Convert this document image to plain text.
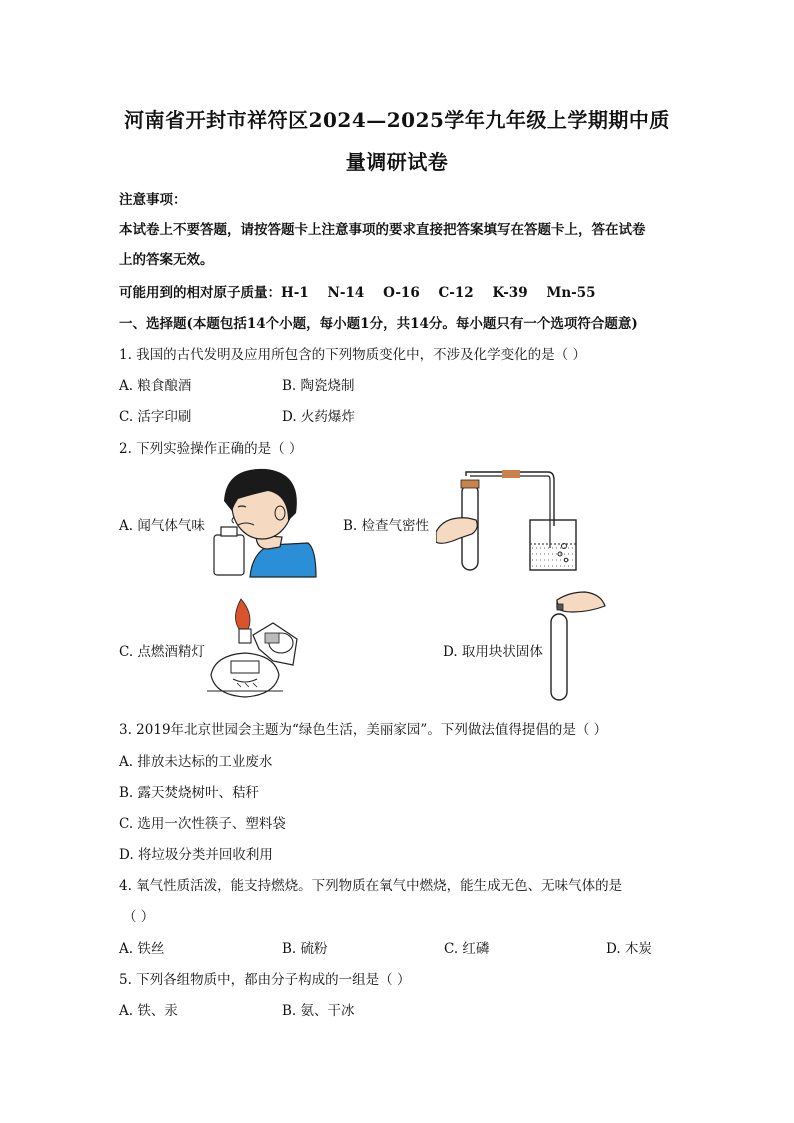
河南省开封市祥符区2024—2025学年九年级上学期期中质
量调研试卷
注意事项：
本试卷上不要答题，请按答题卡上注意事项的要求直接把答案填写在答题卡上，答在试卷
上的答案无效。
可能用到的相对原子质量：H-1    N-14    O-16    C-12    K-39    Mn-55
一、选择题(本题包括14个小题，每小题1分，共14分。每小题只有一个选项符合题意)
1. 我国的古代发明及应用所包含的下列物质变化中，不涉及化学变化的是（ ）
A. 粮食酿酒	B. 陶瓷烧制
C. 活字印刷	D. 火药爆炸
2. 下列实验操作正确的是（ ）
A. 闻气体气味	B. 检查气密性
C. 点燃酒精灯	D. 取用块状固体
3. 2019年北京世园会主题为“绿色生活，美丽家园”。下列做法值得提倡的是（ ）
A. 排放未达标的工业废水
B. 露天焚烧树叶、秸秆
C. 选用一次性筷子、塑料袋
D. 将垃圾分类并回收利用
4. 氧气性质活泼，能支持燃烧。下列物质在氧气中燃烧，能生成无色、无味气体的是
（ ）
A. 铁丝	B. 硫粉	C. 红磷	D. 木炭
5. 下列各组物质中，都由分子构成的一组是（ ）
A. 铁、汞	B. 氨、干冰
